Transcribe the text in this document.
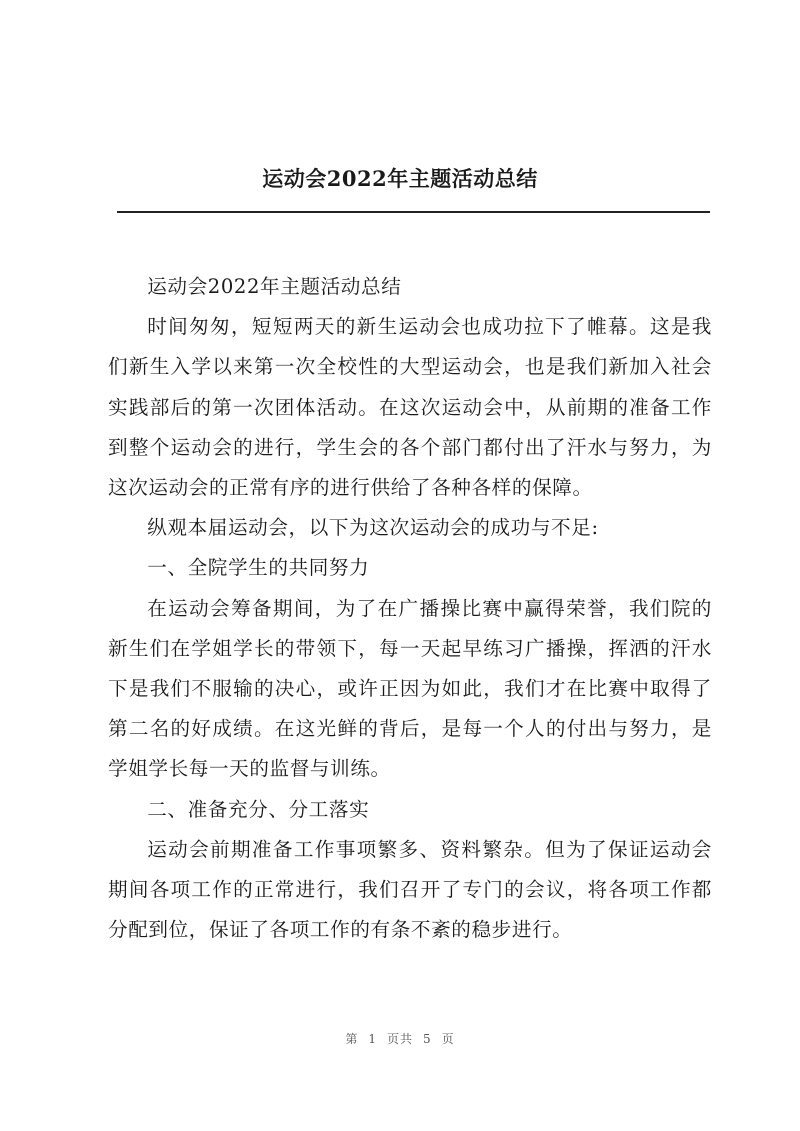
运动会2022年主题活动总结

运动会2022年主题活动总结

时间匆匆，短短两天的新生运动会也成功拉下了帷幕。这是我们新生入学以来第一次全校性的大型运动会，也是我们新加入社会实践部后的第一次团体活动。在这次运动会中，从前期的准备工作到整个运动会的进行，学生会的各个部门都付出了汗水与努力，为这次运动会的正常有序的进行供给了各种各样的保障。

纵观本届运动会，以下为这次运动会的成功与不足:

一、全院学生的共同努力

在运动会筹备期间，为了在广播操比赛中赢得荣誉，我们院的新生们在学姐学长的带领下，每一天起早练习广播操，挥洒的汗水下是我们不服输的决心，或许正因为如此，我们才在比赛中取得了第二名的好成绩。在这光鲜的背后，是每一个人的付出与努力，是学姐学长每一天的监督与训练。

二、准备充分、分工落实

运动会前期准备工作事项繁多、资料繁杂。但为了保证运动会期间各项工作的正常进行，我们召开了专门的会议，将各项工作都分配到位，保证了各项工作的有条不紊的稳步进行。

第 1 页共 5 页
